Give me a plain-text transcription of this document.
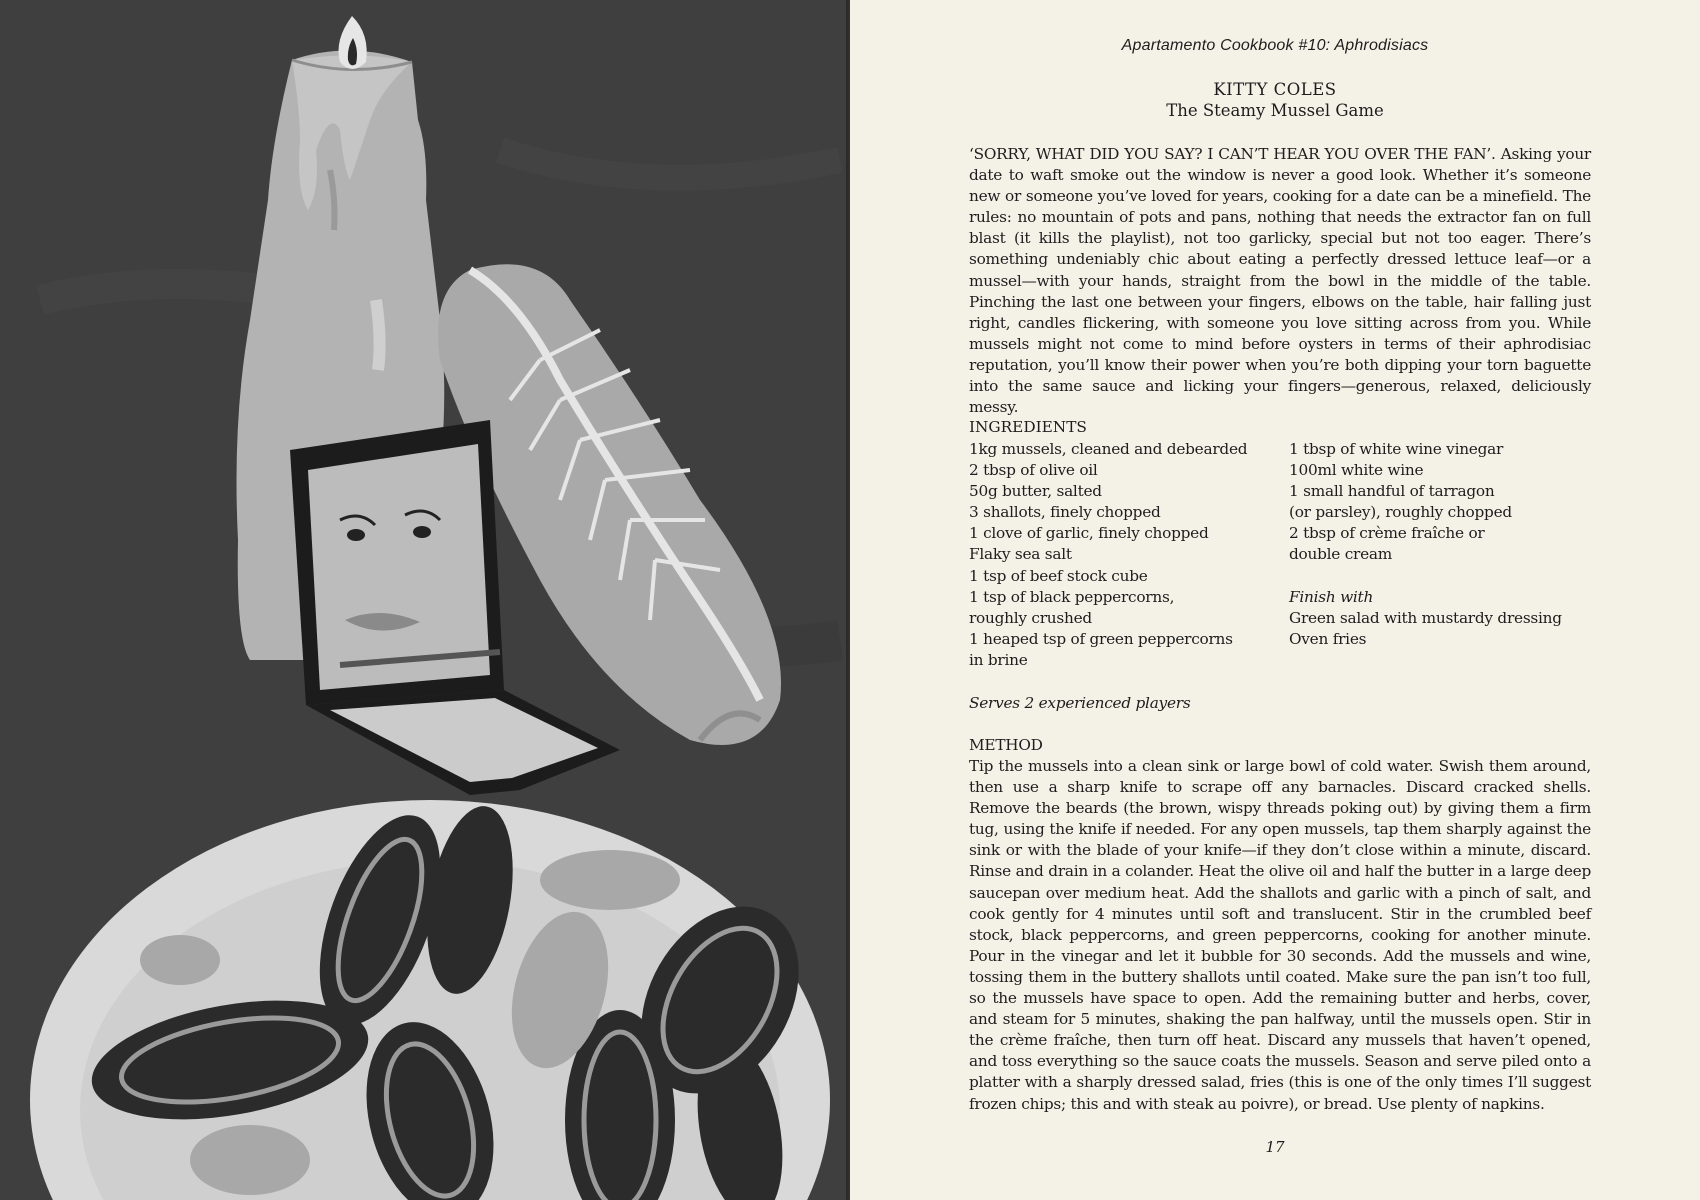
Apartamento Cookbook #10: Aphrodisiacs
KITTY COLES
The Steamy Mussel Game

‘SORRY, WHAT DID YOU SAY? I CAN’T HEAR YOU OVER THE FAN’. Asking your date to waft smoke out the window is never a good look. Whether it’s someone new or someone you’ve loved for years, cooking for a date can be a minefield. The rules: no mountain of pots and pans, nothing that needs the extractor fan on full blast (it kills the playlist), not too garlicky, special but not too eager. There’s something undeniably chic about eating a perfectly dressed lettuce leaf—or a mussel—with your hands, straight from the bowl in the middle of the table. Pinching the last one between your fingers, elbows on the table, hair falling just right, candles flickering, with someone you love sitting across from you. While mussels might not come to mind before oysters in terms of their aphrodisiac reputation, you’ll know their power when you’re both dipping your torn baguette into the same sauce and licking your fingers—generous, relaxed, deliciously messy.

INGREDIENTS
1kg mussels, cleaned and debearded
2 tbsp of olive oil
50g butter, salted
3 shallots, finely chopped
1 clove of garlic, finely chopped
Flaky sea salt
1 tsp of beef stock cube
1 tsp of black peppercorns,
roughly crushed
1 heaped tsp of green peppercorns
in brine
1 tbsp of white wine vinegar
100ml white wine
1 small handful of tarragon
(or parsley), roughly chopped
2 tbsp of crème fraîche or
double cream
Finish with
Green salad with mustardy dressing
Oven fries
Serves 2 experienced players
METHOD

Tip the mussels into a clean sink or large bowl of cold water. Swish them around, then use a sharp knife to scrape off any barnacles. Discard cracked shells. Remove the beards (the brown, wispy threads poking out) by giving them a firm tug, using the knife if needed. For any open mussels, tap them sharply against the sink or with the blade of your knife—if they don’t close within a minute, discard. Rinse and drain in a colander. Heat the olive oil and half the butter in a large deep saucepan over medium heat. Add the shallots and garlic with a pinch of salt, and cook gently for 4 minutes until soft and translucent. Stir in the crumbled beef stock, black peppercorns, and green peppercorns, cooking for another minute. Pour in the vinegar and let it bubble for 30 seconds. Add the mussels and wine, tossing them in the buttery shallots until coated. Make sure the pan isn’t too full, so the mussels have space to open. Add the remaining butter and herbs, cover, and steam for 5 minutes, shaking the pan halfway, until the mussels open. Stir in the crème fraîche, then turn off heat. Discard any mussels that haven’t opened, and toss everything so the sauce coats the mussels. Season and serve piled onto a platter with a sharply dressed salad, fries (this is one of the only times I’ll suggest frozen chips; this and with steak au poivre), or bread. Use plenty of napkins.

17
